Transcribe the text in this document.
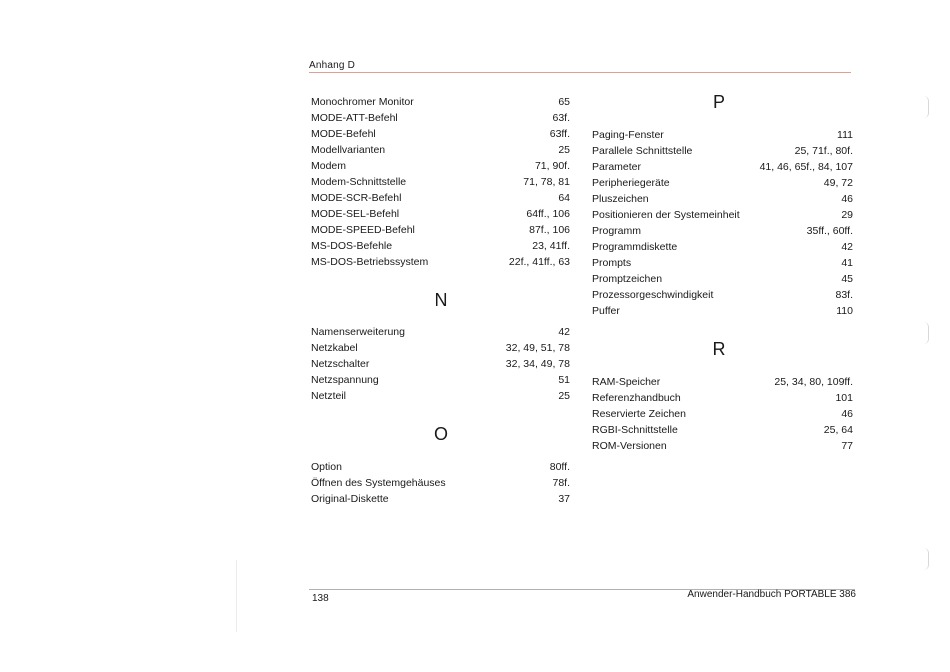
Anhang D
Monochromer Monitor	65
MODE-ATT-Befehl	63f.
MODE-Befehl	63ff.
Modellvarianten	25
Modem	71, 90f.
Modem-Schnittstelle	71, 78, 81
MODE-SCR-Befehl	64
MODE-SEL-Befehl	64ff., 106
MODE-SPEED-Befehl	87f., 106
MS-DOS-Befehle	23, 41ff.
MS-DOS-Betriebssystem	22f., 41ff., 63
N
Namenserweiterung	42
Netzkabel	32, 49, 51, 78
Netzschalter	32, 34, 49, 78
Netzspannung	51
Netzteil	25
O
Option	80ff.
Öffnen des Systemgehäuses	78f.
Original-Diskette	37
P
Paging-Fenster	111
Parallele Schnittstelle	25, 71f., 80f.
Parameter	41, 46, 65f., 84, 107
Peripheriegeräte	49, 72
Pluszeichen	46
Positionieren der Systemeinheit	29
Programm	35ff., 60ff.
Programmdiskette	42
Prompts	41
Promptzeichen	45
Prozessorgeschwindigkeit	83f.
Puffer	110
R
RAM-Speicher	25, 34, 80, 109ff.
Referenzhandbuch	101
Reservierte Zeichen	46
RGBI-Schnittstelle	25, 64
ROM-Versionen	77
138	Anwender-Handbuch PORTABLE 386
